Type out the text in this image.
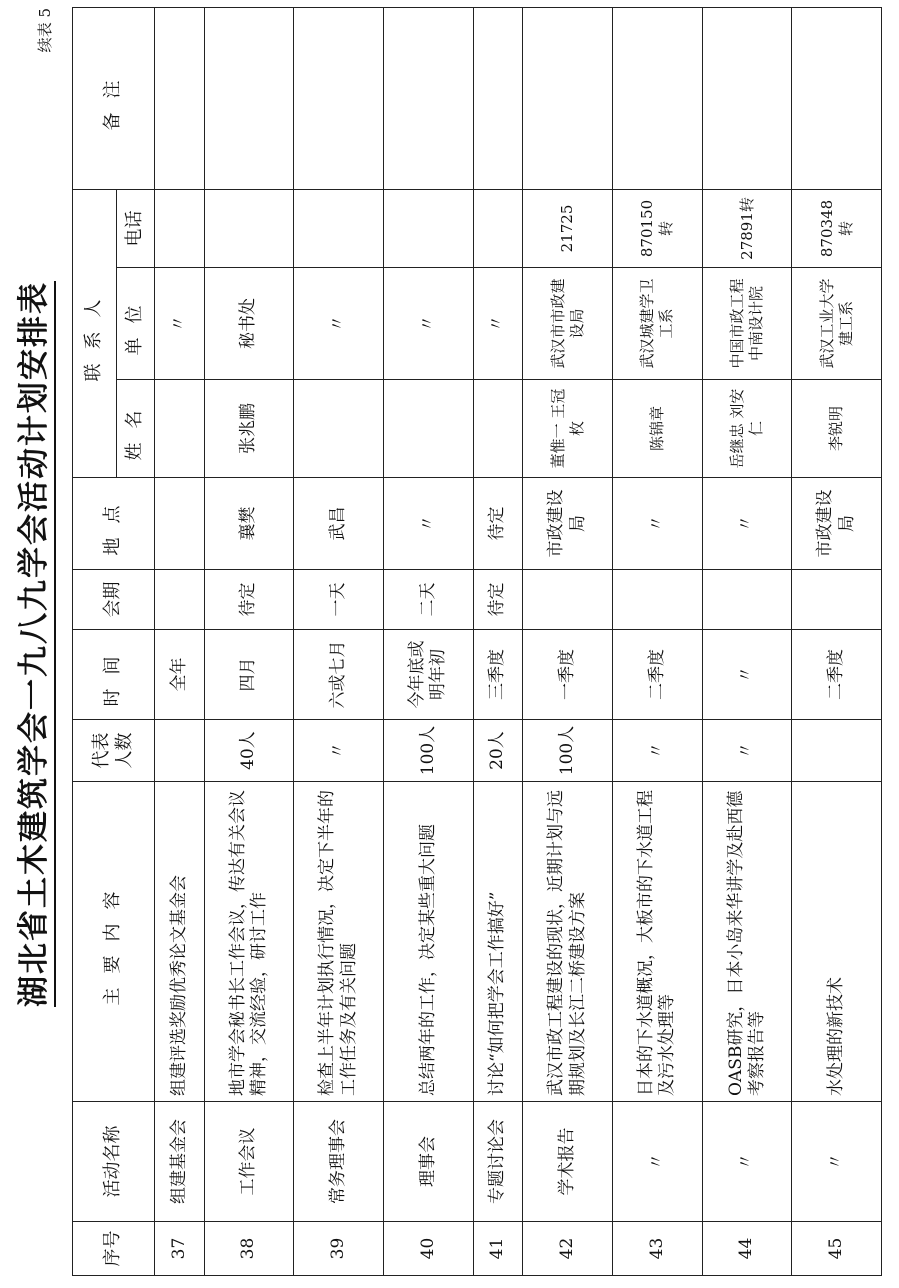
湖北省土木建筑学会一九八九学会活动计划安排表
续表 5
序号	活动名称	主要内容	代表人数	时间	会期	地点	联系人			备注
							姓名	单位	电话	
37	组建基金会	组建评选奖励优秀论文基金会		全年				〃		
38	工作会议	地市学会秘书长工作会议，传达有关会议精神，交流经验，研讨工作	40人	四月	待定	襄樊	张兆鹏	秘书处		
39	常务理事会	检查上半年计划执行情况，决定下半年的工作任务及有关问题	〃	六或七月	一天	武昌		〃		
40	理事会	总结两年的工作，决定某些重大问题	100人	今年底或明年初	二天	〃		〃		
41	专题讨论会	讨论“如何把学会工作搞好”	20人	三季度	待定	待定		〃		
42	学术报告	武汉市政工程建设的现状，近期计划与远期规划及长江二桥建设方案	100人	一季度		市政建设局	董惟一 王冠枚	武汉市市政建设局	21725	
43	〃	日本的下水道概况，大板市的下水道工程及污水处理等	〃	二季度		〃	陈锦章	武汉城建学卫工系	870150转	
44	〃	OASB研究，日本小岛来华讲学及赴西德考察报告等	〃	〃		〃	岳继忠 刘安仁	中国市政工程中南设计院	27891转	
45	〃	水处理的新技术		二季度		市政建设局	李锐明	武汉工业大学建工系	870348转	
